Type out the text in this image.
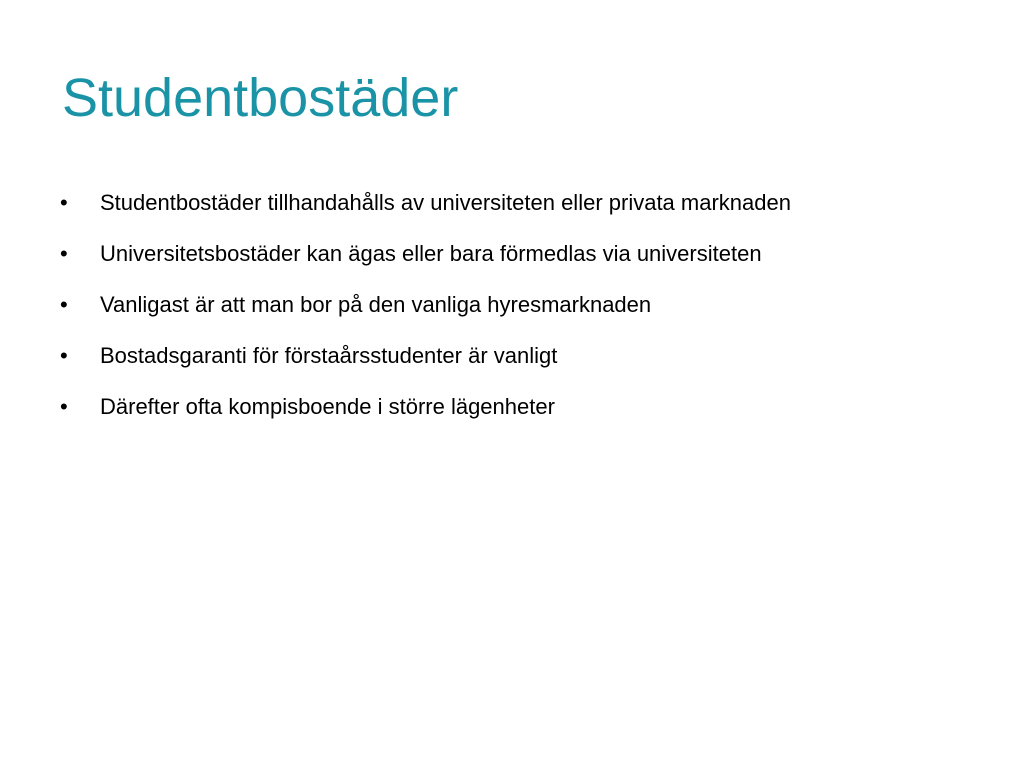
Studentbostäder
•	Studentbostäder tillhandahålls av universiteten eller privata marknaden
•	Universitetsbostäder kan ägas eller bara förmedlas via universiteten
•	Vanligast är att man bor på den vanliga hyresmarknaden
•	Bostadsgaranti för förstaårsstudenter är vanligt
•	Därefter ofta kompisboende i större lägenheter
